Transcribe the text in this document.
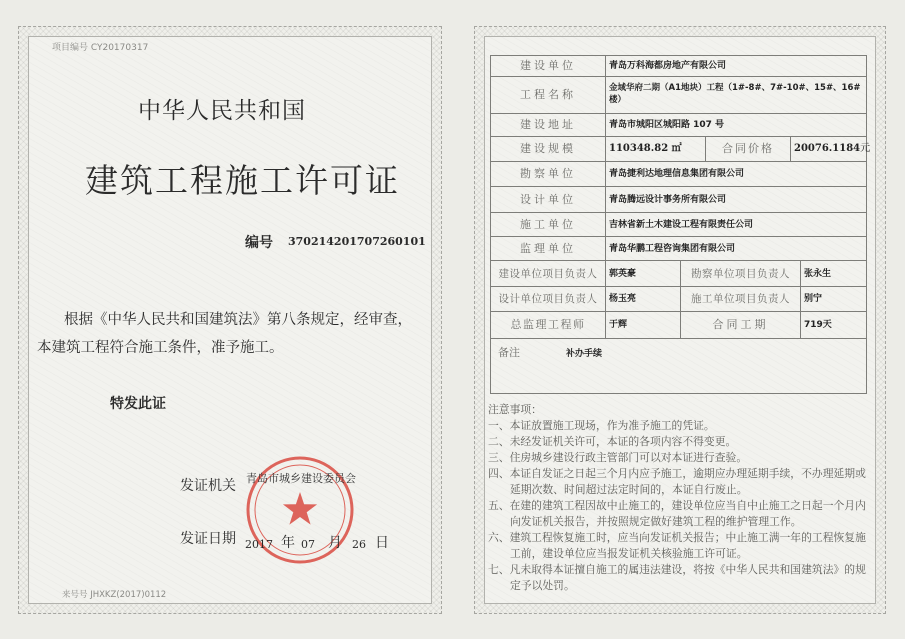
项目编号 CY20170317
中华人民共和国
建筑工程施工许可证
编号 370214201707260101
根据《中华人民共和国建筑法》第八条规定，经审查，
本建筑工程符合施工条件，准予施工。
特发此证
发证机关 青岛市城乡建设委员会
发证日期 2017 年 07 月 26 日
来号号 JHXKZ(2017)0112
建设单位	青岛万科海都房地产有限公司				
工程名称	金域华府二期（A1地块）工程（1#-8#、7#-10#、15#、16#楼）				
建设地址	青岛市城阳区城阳路 107 号				
建设规模	110348.82 ㎡		合同价格	20076.1184元	
勘察单位	青岛捷利达地理信息集团有限公司				
设计单位	青岛腾远设计事务所有限公司				
施工单位	吉林省新土木建设工程有限责任公司				
监理单位	青岛华鹏工程咨询集团有限公司				
建设单位项目负责人	郭英豪	勘察单位项目负责人			张永生
设计单位项目负责人	杨玉亮	施工单位项目负责人			别宁
总监理工程师	于辉	合同工期			719天
备注 补办手续					
注意事项：
一、本证放置施工现场，作为准予施工的凭证。
二、未经发证机关许可，本证的各项内容不得变更。
三、住房城乡建设行政主管部门可以对本证进行查验。
四、本证自发证之日起三个月内应予施工，逾期应办理延期手续，不办理延期或延期次数、时间超过法定时间的，本证自行废止。
五、在建的建筑工程因故中止施工的，建设单位应当自中止施工之日起一个月内向发证机关报告，并按照规定做好建筑工程的维护管理工作。
六、建筑工程恢复施工时，应当向发证机关报告；中止施工满一年的工程恢复施工前，建设单位应当报发证机关核验施工许可证。
七、凡未取得本证擅自施工的属违法建设，将按《中华人民共和国建筑法》的规定予以处罚。
